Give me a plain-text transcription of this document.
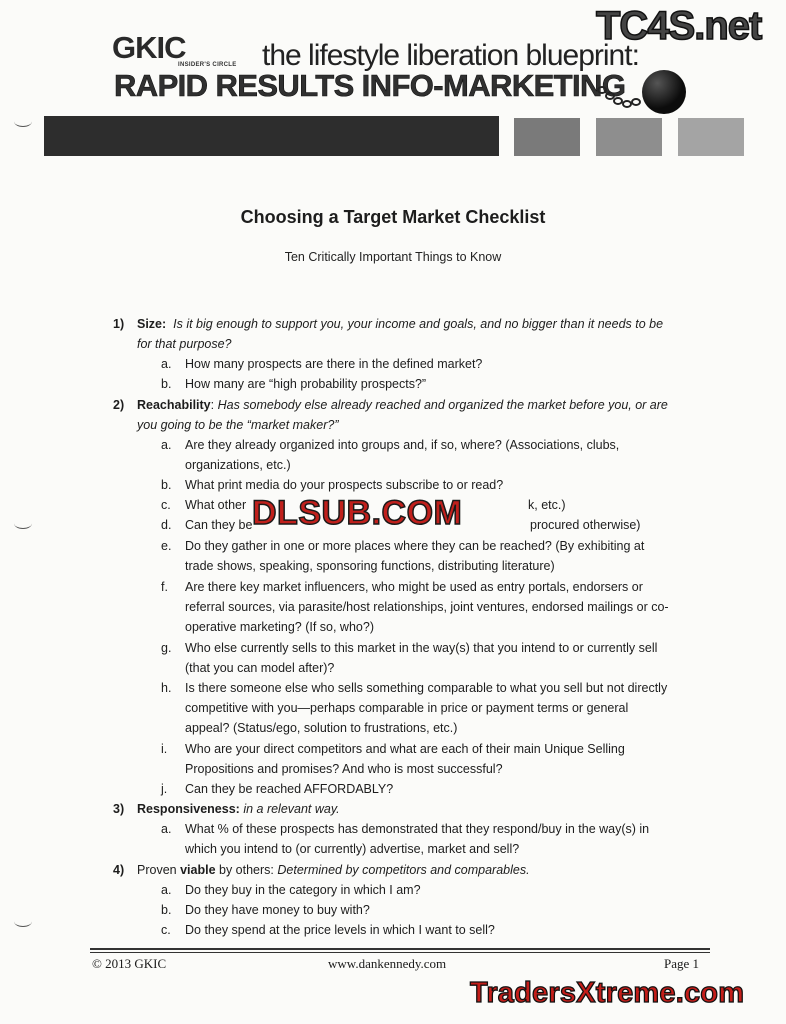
GKIC
INSIDER'S CIRCLE the lifestyle liberation blueprint:
RAPID RESULTS INFO-MARKETING
TC4S.net
Choosing a Target Market Checklist
Ten Critically Important Things to Know
1) Size: Is it big enough to support you, your income and goals, and no bigger than it needs to be
for that purpose?
a. How many prospects are there in the defined market?
b. How many are “high probability prospects?”
2) Reachability: Has somebody else already reached and organized the market before you, or are
you going to be the “market maker?”
a. Are they already organized into groups and, if so, where? (Associations, clubs,
organizations, etc.)
b. What print media do your prospects subscribe to or read?
c. What other	k, etc.)
d. Can they be	procured otherwise)
DLSUB.COM
e. Do they gather in one or more places where they can be reached? (By exhibiting at
trade shows, speaking, sponsoring functions, distributing literature)
f. Are there key market influencers, who might be used as entry portals, endorsers or
referral sources, via parasite/host relationships, joint ventures, endorsed mailings or co-
operative marketing? (If so, who?)
g. Who else currently sells to this market in the way(s) that you intend to or currently sell
(that you can model after)?
h. Is there someone else who sells something comparable to what you sell but not directly
competitive with you—perhaps comparable in price or payment terms or general
appeal? (Status/ego, solution to frustrations, etc.)
i. Who are your direct competitors and what are each of their main Unique Selling
Propositions and promises? And who is most successful?
j. Can they be reached AFFORDABLY?
3) Responsiveness: in a relevant way.
a. What % of these prospects has demonstrated that they respond/buy in the way(s) in
which you intend to (or currently) advertise, market and sell?
4) Proven viable by others: Determined by competitors and comparables.
a. Do they buy in the category in which I am?
b. Do they have money to buy with?
c. Do they spend at the price levels in which I want to sell?
© 2013 GKIC	www.dankennedy.com	Page 1
TradersXtreme.com
